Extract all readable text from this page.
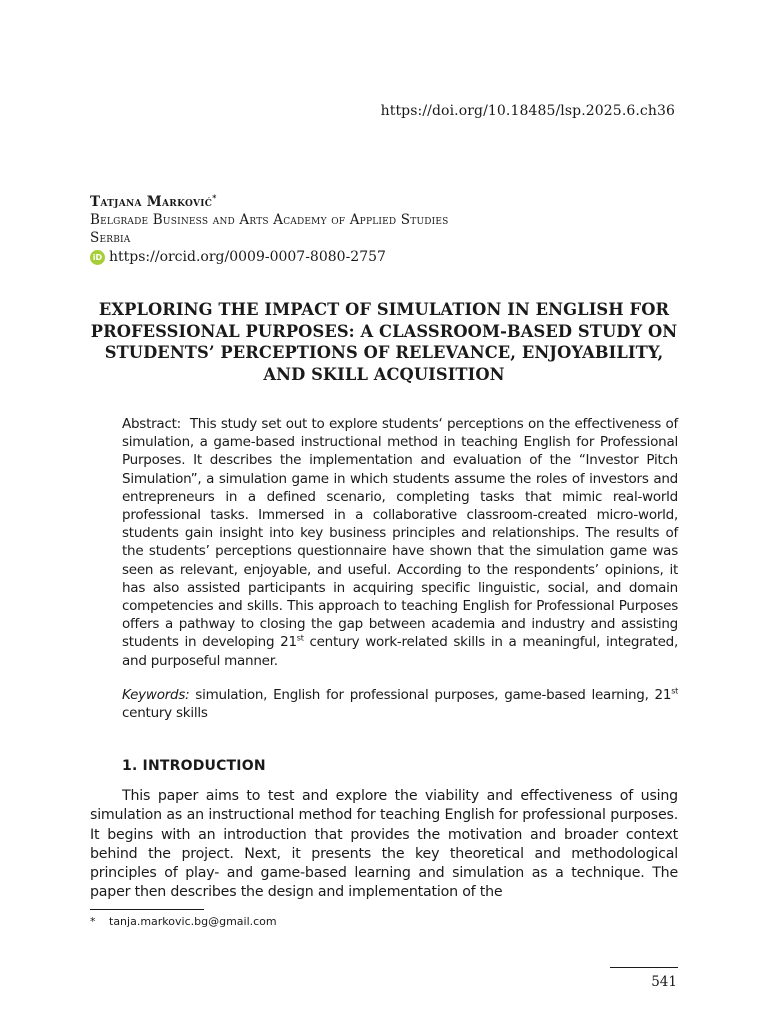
https://doi.org/10.18485/lsp.2025.6.ch36
Tatjana Marković*
Belgrade Business and Arts Academy of Applied Studies
Serbia
iD https://orcid.org/0009-0007-8080-2757
EXPLORING THE IMPACT OF SIMULATION IN ENGLISH FOR PROFESSIONAL PURPOSES: A CLASSROOM-BASED STUDY ON STUDENTS’ PERCEPTIONS OF RELEVANCE, ENJOYABILITY, AND SKILL ACQUISITION
Abstract: This study set out to explore students‘ perceptions on the effectiveness of simulation, a game-based instructional method in teaching English for Professional Purposes. It describes the implementation and evaluation of the “Investor Pitch Simulation”, a simulation game in which students assume the roles of investors and entrepreneurs in a defined scenario, completing tasks that mimic real-world professional tasks. Immersed in a collaborative classroom-created micro-world, students gain insight into key business principles and relationships. The results of the students’ perceptions questionnaire have shown that the simulation game was seen as relevant, enjoyable, and useful. According to the respondents’ opinions, it has also assisted participants in acquiring specific linguistic, social, and domain competencies and skills. This approach to teaching English for Professional Purposes offers a pathway to closing the gap between academia and industry and assisting students in developing 21st century work-related skills in a meaningful, integrated, and purposeful manner.
Keywords: simulation, English for professional purposes, game-based learning, 21st century skills
1. INTRODUCTION
This paper aims to test and explore the viability and effectiveness of using simulation as an instructional method for teaching English for professional purposes. It begins with an introduction that provides the motivation and broader context behind the project. Next, it presents the key theoretical and methodological principles of play- and game-based learning and simulation as a technique. The paper then describes the design and implementation of the
* tanja.markovic.bg@gmail.com
541
